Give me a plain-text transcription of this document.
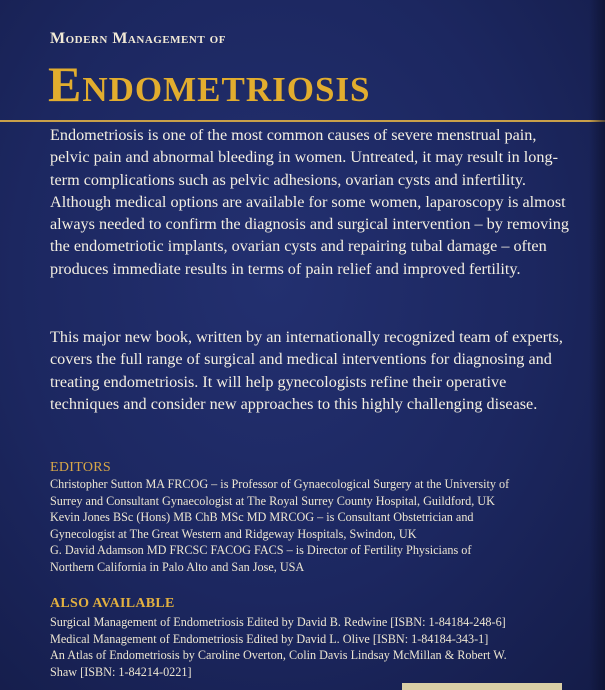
Modern Management of
Endometriosis

Endometriosis is one of the most common causes of severe menstrual pain, pelvic pain and abnormal bleeding in women. Untreated, it may result in long-term complications such as pelvic adhesions, ovarian cysts and infertility. Although medical options are available for some women, laparoscopy is almost always needed to confirm the diagnosis and surgical intervention – by removing the endometriotic implants, ovarian cysts and repairing tubal damage – often produces immediate results in terms of pain relief and improved fertility.

This major new book, written by an internationally recognized team of experts, covers the full range of surgical and medical interventions for diagnosing and treating endometriosis. It will help gynecologists refine their operative techniques and consider new approaches to this highly challenging disease.

EDITORS
Christopher Sutton MA FRCOG – is Professor of Gynaecological Surgery at the University of
Surrey and Consultant Gynaecologist at The Royal Surrey County Hospital, Guildford, UK
Kevin Jones BSc (Hons) MB ChB MSc MD MRCOG – is Consultant Obstetrician and
Gynecologist at The Great Western and Ridgeway Hospitals, Swindon, UK
G. David Adamson MD FRCSC FACOG FACS – is Director of Fertility Physicians of
Northern California in Palo Alto and San Jose, USA
ALSO AVAILABLE
Surgical Management of Endometriosis Edited by David B. Redwine [ISBN: 1-84184-248-6]
Medical Management of Endometriosis Edited by David L. Olive [ISBN: 1-84184-343-1]
An Atlas of Endometriosis by Caroline Overton, Colin Davis Lindsay McMillan & Robert W.
Shaw [ISBN: 1-84214-0221]
